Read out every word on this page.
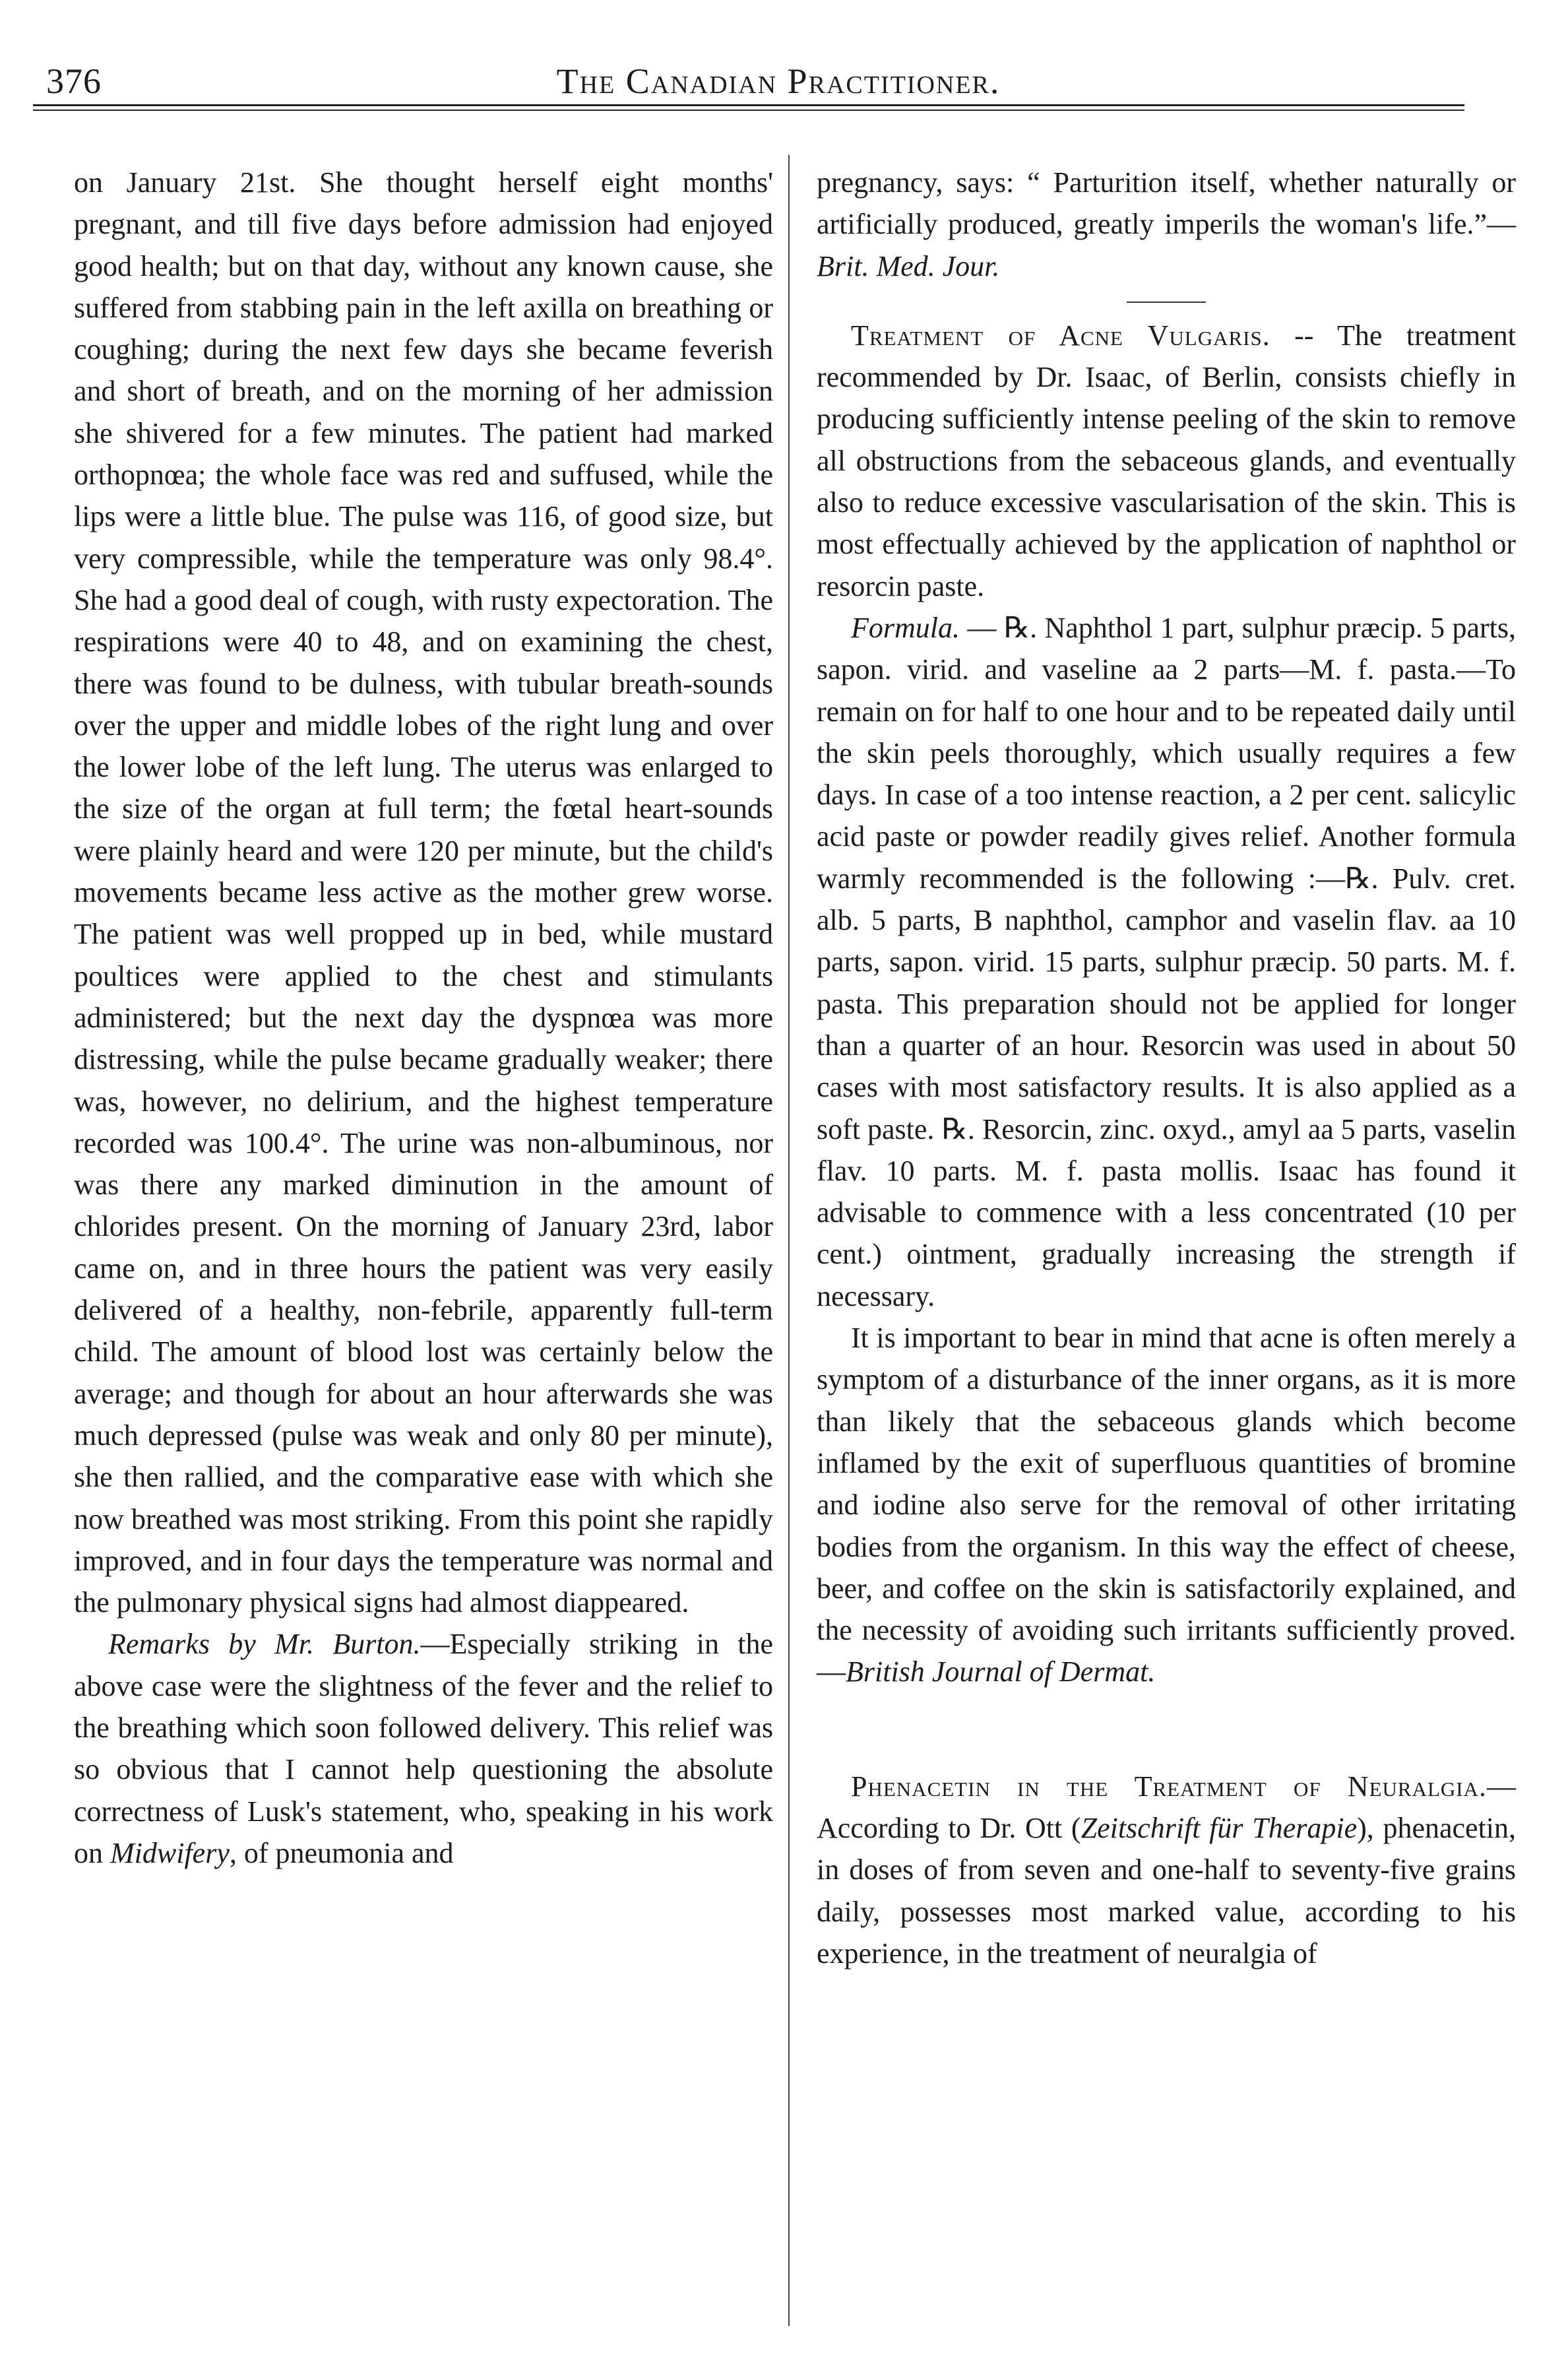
376	The Canadian Practitioner.

on January 21st. She thought herself eight months' pregnant, and till five days before admission had enjoyed good health; but on that day, without any known cause, she suffered from stabbing pain in the left axilla on breathing or coughing; during the next few days she became feverish and short of breath, and on the morning of her admission she shivered for a few minutes. The patient had marked orthopnœa; the whole face was red and suffused, while the lips were a little blue. The pulse was 116, of good size, but very compressible, while the temperature was only 98.4°. She had a good deal of cough, with rusty expectoration. The respirations were 40 to 48, and on examining the chest, there was found to be dulness, with tubular breath-sounds over the upper and middle lobes of the right lung and over the lower lobe of the left lung. The uterus was enlarged to the size of the organ at full term; the fœtal heart-sounds were plainly heard and were 120 per minute, but the child's movements became less active as the mother grew worse. The patient was well propped up in bed, while mustard poultices were applied to the chest and stimulants administered; but the next day the dyspnœa was more distressing, while the pulse became gradually weaker; there was, however, no delirium, and the highest temperature recorded was 100.4°. The urine was non-albuminous, nor was there any marked diminution in the amount of chlorides present. On the morning of January 23rd, labor came on, and in three hours the patient was very easily delivered of a healthy, non-febrile, apparently full-term child. The amount of blood lost was certainly below the average; and though for about an hour afterwards she was much depressed (pulse was weak and only 80 per minute), she then rallied, and the comparative ease with which she now breathed was most striking. From this point she rapidly improved, and in four days the temperature was normal and the pulmonary physical signs had almost diappeared.

Remarks by Mr. Burton.—Especially striking in the above case were the slightness of the fever and the relief to the breathing which soon followed delivery. This relief was so obvious that I cannot help questioning the absolute correctness of Lusk's statement, who, speaking in his work on Midwifery, of pneumonia and

pregnancy, says: “ Parturition itself, whether naturally or artificially produced, greatly imperils the woman's life.”—Brit. Med. Jour.

Treatment of Acne Vulgaris. -- The treatment recommended by Dr. Isaac, of Berlin, consists chiefly in producing sufficiently intense peeling of the skin to remove all obstructions from the sebaceous glands, and eventually also to reduce excessive vascularisation of the skin. This is most effectually achieved by the application of naphthol or resorcin paste.

Formula. — ℞. Naphthol 1 part, sulphur præcip. 5 parts, sapon. virid. and vaseline aa 2 parts—M. f. pasta.—To remain on for half to one hour and to be repeated daily until the skin peels thoroughly, which usually requires a few days. In case of a too intense reaction, a 2 per cent. salicylic acid paste or powder readily gives relief. Another formula warmly recommended is the following :—℞. Pulv. cret. alb. 5 parts, B naphthol, camphor and vaselin flav. aa 10 parts, sapon. virid. 15 parts, sulphur præcip. 50 parts. M. f. pasta. This preparation should not be applied for longer than a quarter of an hour. Resorcin was used in about 50 cases with most satisfactory results. It is also applied as a soft paste. ℞. Resorcin, zinc. oxyd., amyl aa 5 parts, vaselin flav. 10 parts. M. f. pasta mollis. Isaac has found it advisable to commence with a less concentrated (10 per cent.) ointment, gradually increasing the strength if necessary.

It is important to bear in mind that acne is often merely a symptom of a disturbance of the inner organs, as it is more than likely that the sebaceous glands which become inflamed by the exit of superfluous quantities of bromine and iodine also serve for the removal of other irritating bodies from the organism. In this way the effect of cheese, beer, and coffee on the skin is satisfactorily explained, and the necessity of avoiding such irritants sufficiently proved.—British Journal of Dermat.

Phenacetin in the Treatment of Neuralgia.—According to Dr. Ott (Zeitschrift für Therapie), phenacetin, in doses of from seven and one-half to seventy-five grains daily, possesses most marked value, according to his experience, in the treatment of neuralgia of
